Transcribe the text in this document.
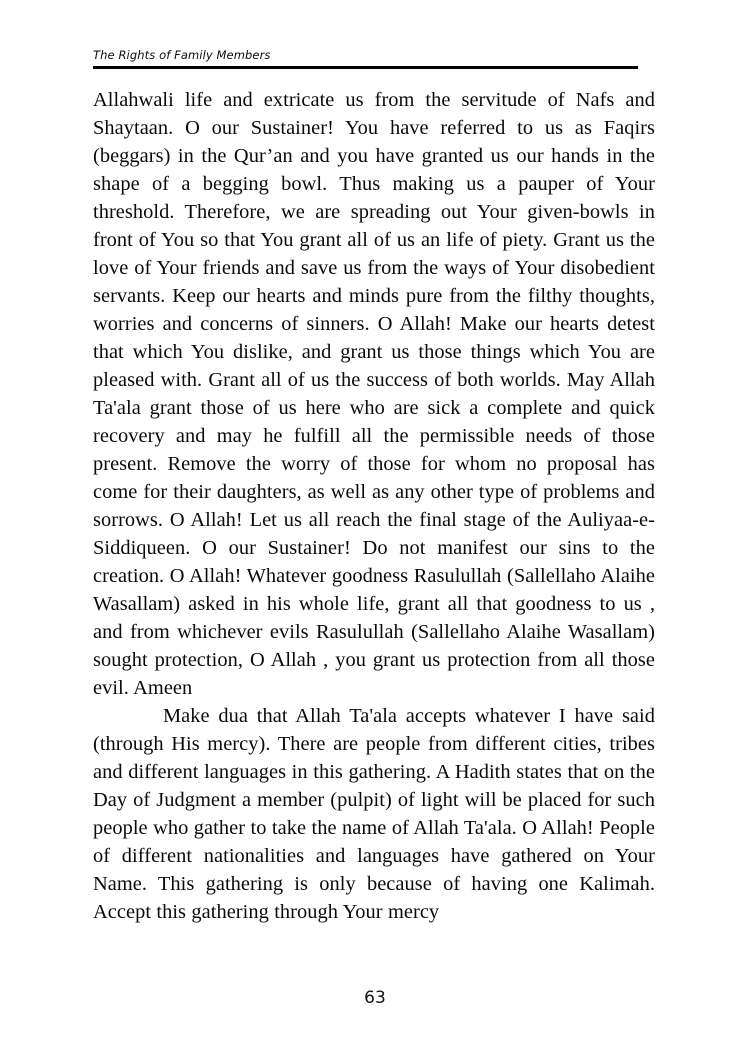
The Rights of Family Members

Allahwali life and extricate us from the servitude of Nafs and Shaytaan. O our Sustainer! You have referred to us as Faqirs (beggars) in the Qur’an and you have granted us our hands in the shape of a begging bowl. Thus making us a pauper of Your threshold. Therefore, we are spreading out Your given-bowls in front of You so that You grant all of us an life of piety. Grant us the love of Your friends and save us from the ways of Your disobedient servants. Keep our hearts and minds pure from the filthy thoughts, worries and concerns of sinners. O Allah! Make our hearts detest that which You dislike, and grant us those things which You are pleased with. Grant all of us the success of both worlds. May Allah Ta'ala grant those of us here who are sick a complete and quick recovery and may he fulfill all the permissible needs of those present. Remove the worry of those for whom no proposal has come for their daughters, as well as any other type of problems and sorrows. O Allah! Let us all reach the final stage of the Auliyaa-e-Siddiqueen. O our Sustainer! Do not manifest our sins to the creation. O Allah! Whatever goodness Rasulullah (Sallellaho Alaihe Wasallam) asked in his whole life, grant all that goodness to us , and from whichever evils Rasulullah (Sallellaho Alaihe Wasallam) sought protection, O Allah , you grant us protection from all those evil. Ameen

Make dua that Allah Ta'ala accepts whatever I have said (through His mercy). There are people from different cities, tribes and different languages in this gathering. A Hadith states that on the Day of Judgment a member (pulpit) of light will be placed for such people who gather to take the name of Allah Ta'ala. O Allah! People of different nationalities and languages have gathered on Your Name. This gathering is only because of having one Kalimah. Accept this gathering through Your mercy

63
